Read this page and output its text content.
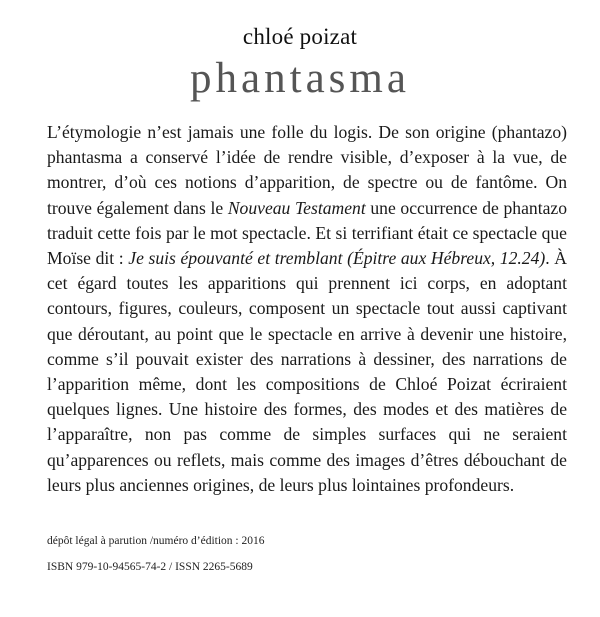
chloé poizat
phantasma

L’étymologie n’est jamais une folle du logis. De son origine (phantazo) phantasma a conservé l’idée de rendre visible, d’exposer à la vue, de montrer, d’où ces notions d’apparition, de spectre ou de fantôme. On trouve également dans le Nouveau Testament une occurrence de phantazo traduit cette fois par le mot spectacle. Et si terrifiant était ce spectacle que Moïse dit : Je suis épouvanté et tremblant (Épitre aux Hébreux, 12.24). À cet égard toutes les apparitions qui prennent ici corps, en adoptant contours, figures, couleurs, composent un spectacle tout aussi captivant que déroutant, au point que le spectacle en arrive à devenir une histoire, comme s’il pouvait exister des narrations à dessiner, des narrations de l’apparition même, dont les compositions de Chloé Poizat écriraient quelques lignes. Une histoire des formes, des modes et des matières de l’apparaître, non pas comme de simples surfaces qui ne seraient qu’apparences ou reflets, mais comme des images d’êtres débouchant de leurs plus anciennes origines, de leurs plus lointaines profondeurs.

dépôt légal à parution /numéro d’édition : 2016
ISBN 979-10-94565-74-2 / ISSN 2265-5689
